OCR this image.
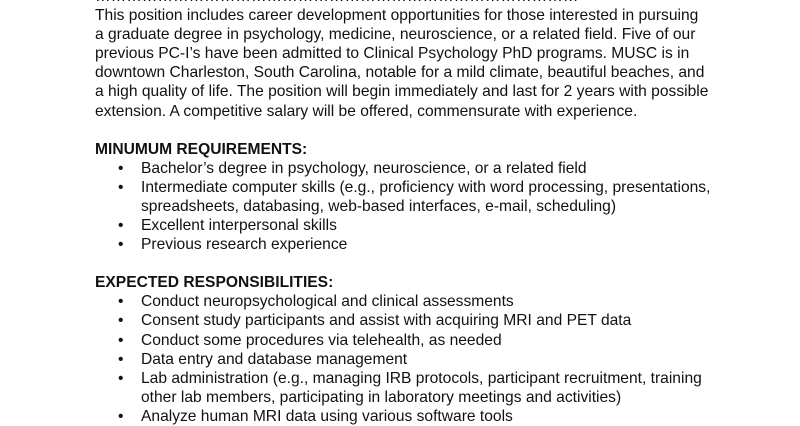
This position includes career development opportunities for those interested in pursuing
a graduate degree in psychology, medicine, neuroscience, or a related field. Five of our
previous PC-I’s have been admitted to Clinical Psychology PhD programs. MUSC is in
downtown Charleston, South Carolina, notable for a mild climate, beautiful beaches, and
a high quality of life. The position will begin immediately and last for 2 years with possible
extension. A competitive salary will be offered, commensurate with experience.
MINUMUM REQUIREMENTS:
• Bachelor’s degree in psychology, neuroscience, or a related field
• Intermediate computer skills (e.g., proficiency with word processing, presentations,
spreadsheets, databasing, web-based interfaces, e-mail, scheduling)
• Excellent interpersonal skills
• Previous research experience
EXPECTED RESPONSIBILITIES:
• Conduct neuropsychological and clinical assessments
• Consent study participants and assist with acquiring MRI and PET data
• Conduct some procedures via telehealth, as needed
• Data entry and database management
• Lab administration (e.g., managing IRB protocols, participant recruitment, training
other lab members, participating in laboratory meetings and activities)
• Analyze human MRI data using various software tools
